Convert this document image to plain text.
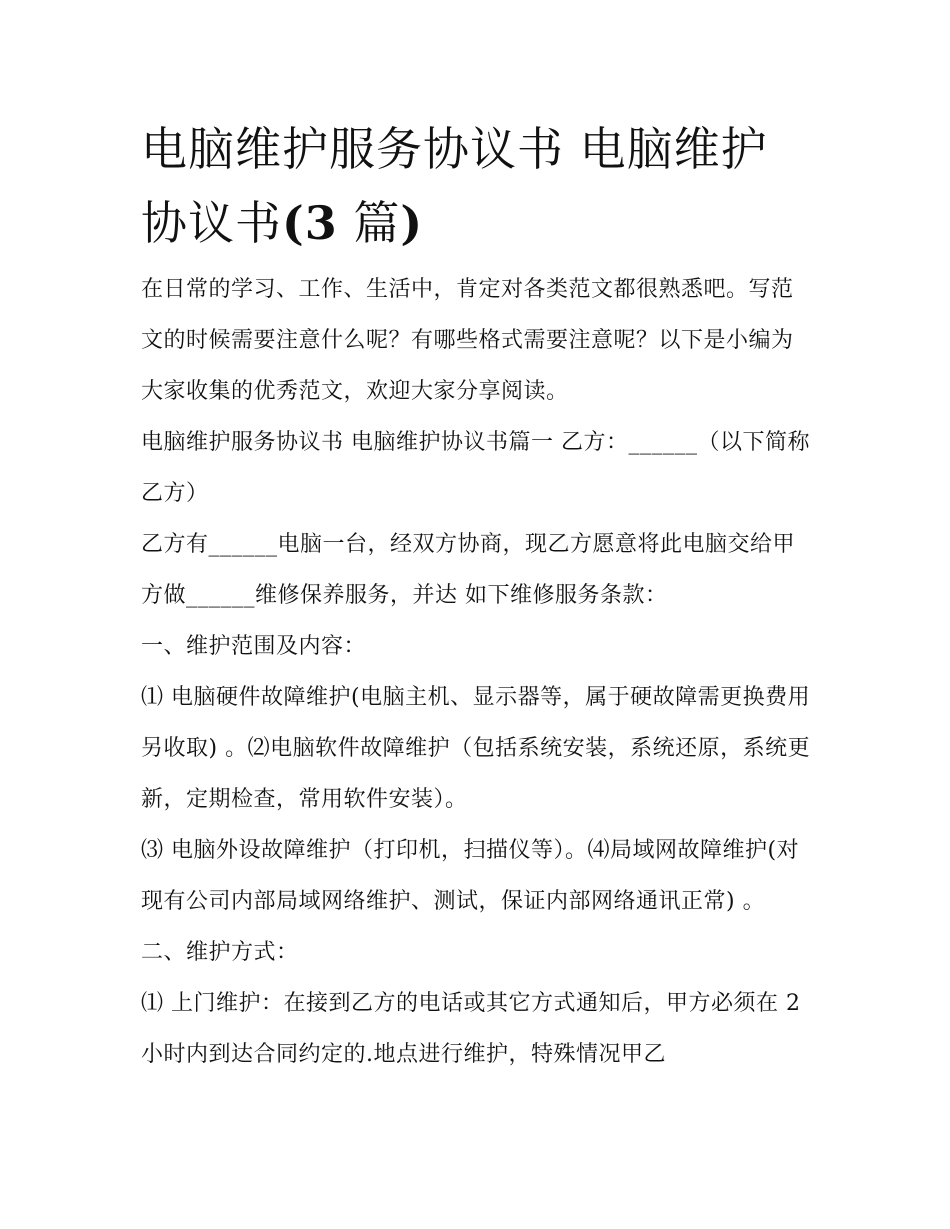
电脑维护服务协议书 电脑维护协议书(3 篇)

在日常的学习、工作、生活中，肯定对各类范文都很熟悉吧。写范文的时候需要注意什么呢？有哪些格式需要注意呢？以下是小编为大家收集的优秀范文，欢迎大家分享阅读。

电脑维护服务协议书 电脑维护协议书篇一 乙方：______（以下简称乙方）

乙方有______电脑一台，经双方协商，现乙方愿意将此电脑交给甲方做______维修保养服务，并达 如下维修服务条款：

一、维护范围及内容：

⑴ 电脑硬件故障维护(电脑主机、显示器等，属于硬故障需更换费用另收取) 。⑵电脑软件故障维护（包括系统安装，系统还原，系统更新，定期检查，常用软件安装）。

⑶ 电脑外设故障维护（打印机，扫描仪等）。⑷局域网故障维护(对现有公司内部局域网络维护、测试，保证内部网络通讯正常) 。 二、维护方式：

⑴ 上门维护：在接到乙方的电话或其它方式通知后，甲方必须在 2 小时内到达合同约定的.地点进行维护，特殊情况甲乙
